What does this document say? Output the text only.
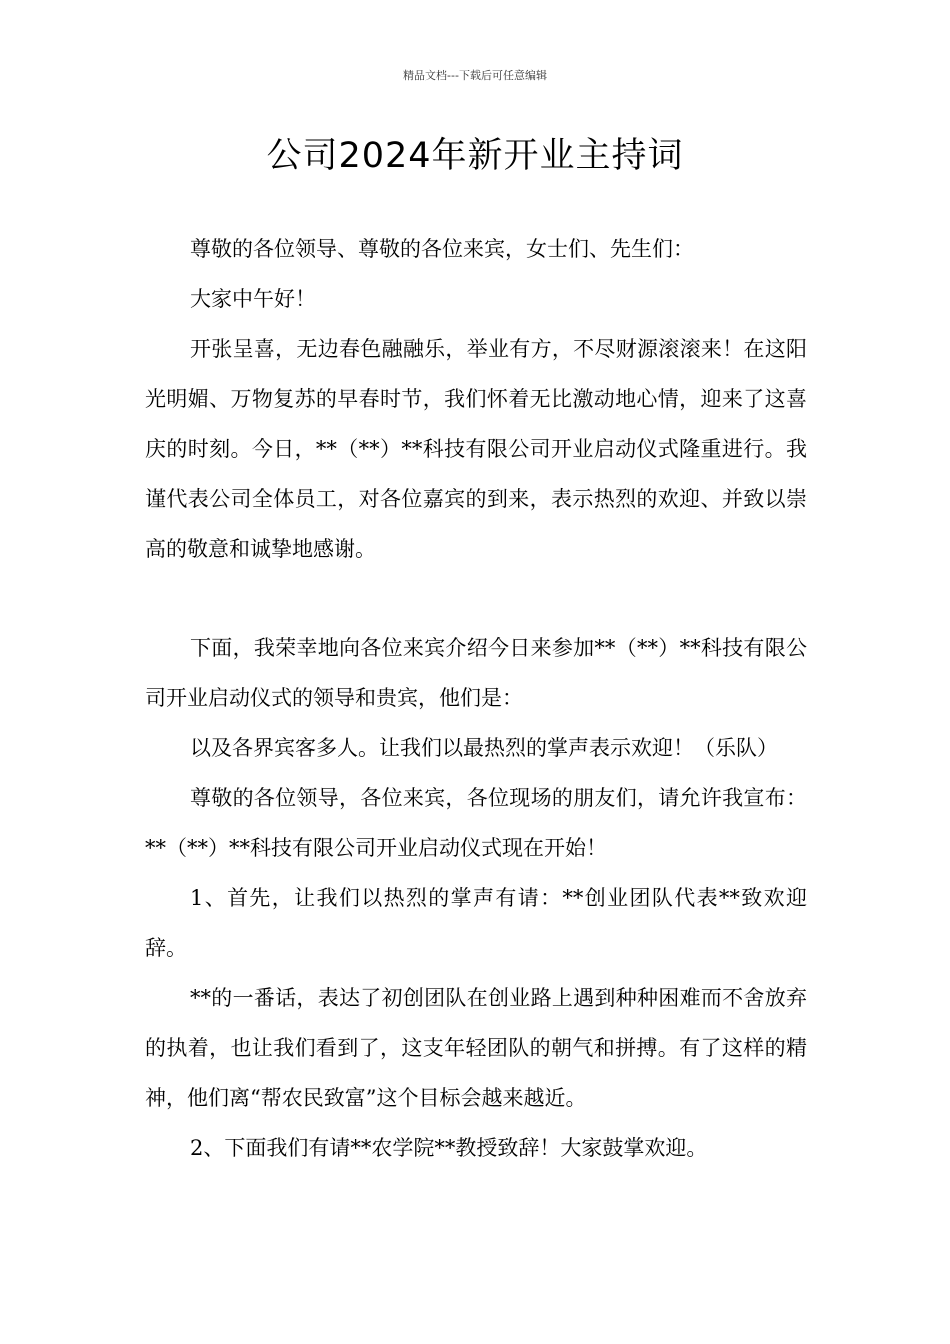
精品文档---下载后可任意编辑
公司2024年新开业主持词

尊敬的各位领导、尊敬的各位来宾，女士们、先生们：

大家中午好！

开张呈喜，无边春色融融乐，举业有方，不尽财源滚滚来！在这阳光明媚、万物复苏的早春时节，我们怀着无比激动地心情，迎来了这喜庆的时刻。今日，**（**）**科技有限公司开业启动仪式隆重进行。我谨代表公司全体员工，对各位嘉宾的到来，表示热烈的欢迎、并致以崇高的敬意和诚挚地感谢。

下面，我荣幸地向各位来宾介绍今日来参加**（**）**科技有限公司开业启动仪式的领导和贵宾，他们是：

以及各界宾客多人。让我们以最热烈的掌声表示欢迎！（乐队）

尊敬的各位领导，各位来宾，各位现场的朋友们，请允许我宣布：**（**）**科技有限公司开业启动仪式现在开始！

1、首先，让我们以热烈的掌声有请：**创业团队代表**致欢迎辞。

**的一番话，表达了初创团队在创业路上遇到种种困难而不舍放弃的执着，也让我们看到了，这支年轻团队的朝气和拼搏。有了这样的精神，他们离“帮农民致富”这个目标会越来越近。

2、下面我们有请**农学院**教授致辞！大家鼓掌欢迎。
